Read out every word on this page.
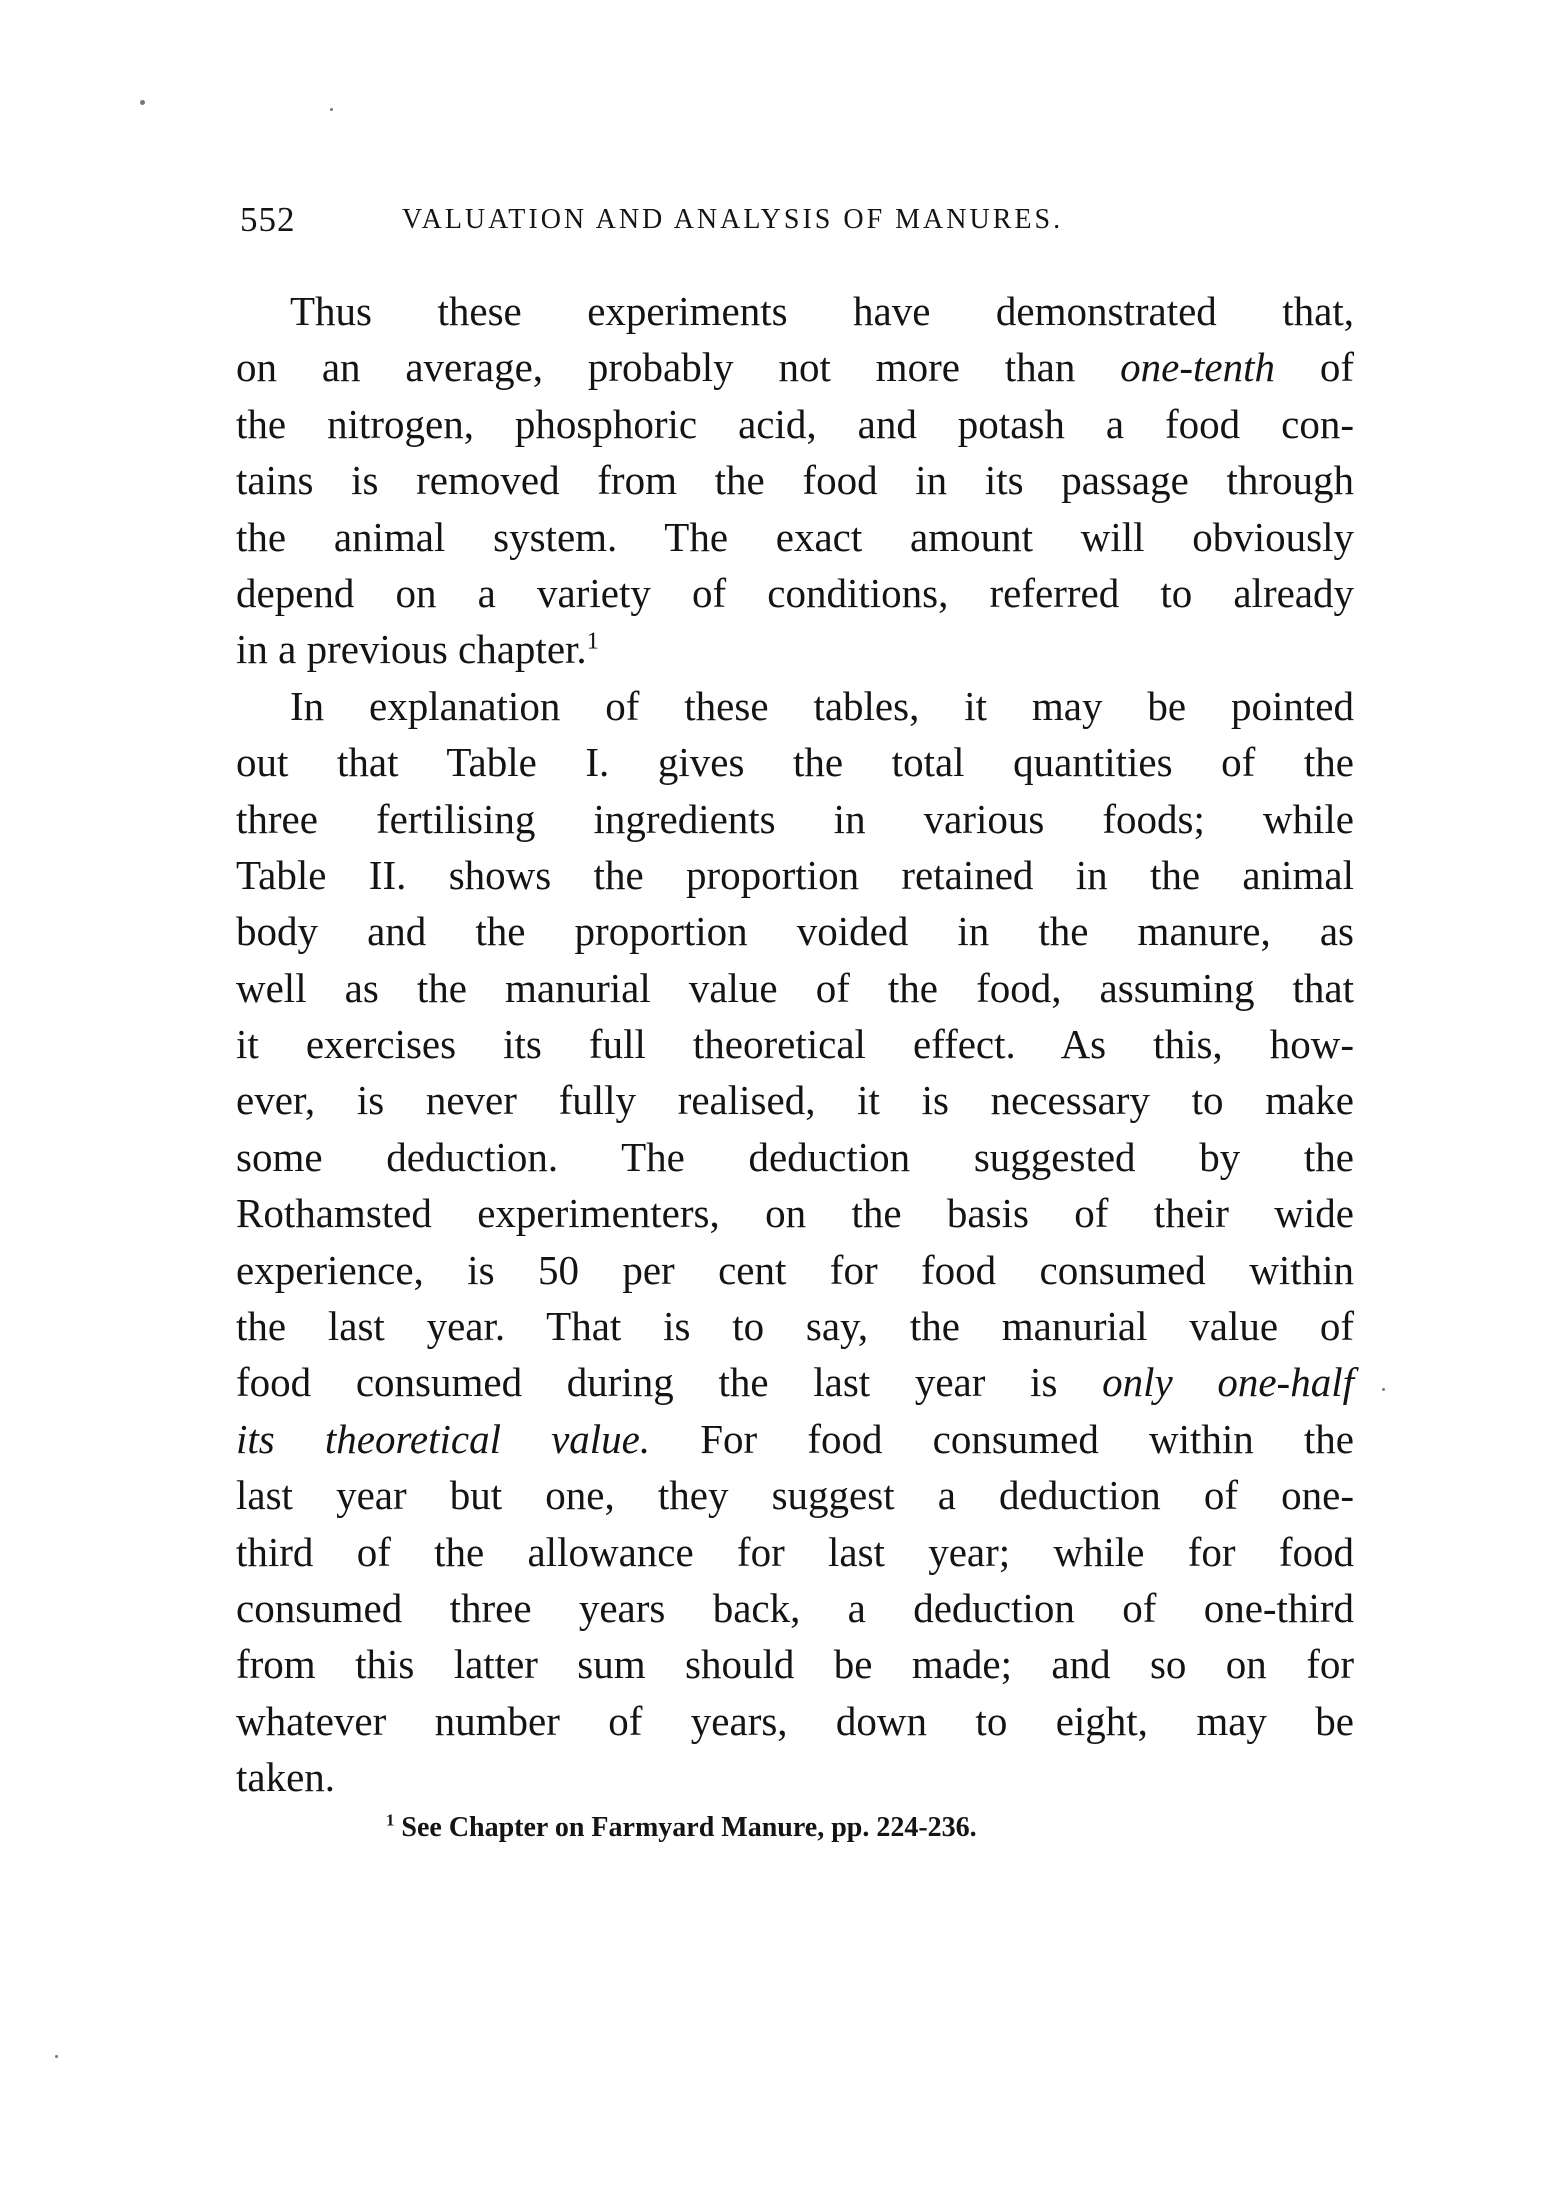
552	VALUATION AND ANALYSIS OF MANURES.
Thus these experiments have demonstrated that,
on an average, probably not more than one-tenth of
the nitrogen, phosphoric acid, and potash a food con-
tains is removed from the food in its passage through
the animal system. The exact amount will obviously
depend on a variety of conditions, referred to already
in a previous chapter.$^1$
In explanation of these tables, it may be pointed
out that Table I. gives the total quantities of the
three fertilising ingredients in various foods; while
Table II. shows the proportion retained in the animal
body and the proportion voided in the manure, as
well as the manurial value of the food, assuming that
it exercises its full theoretical effect. As this, how-
ever, is never fully realised, it is necessary to make
some deduction. The deduction suggested by the
Rothamsted experimenters, on the basis of their wide
experience, is 50 per cent for food consumed within
the last year. That is to say, the manurial value of
food consumed during the last year is only one-half
its theoretical value. For food consumed within the
last year but one, they suggest a deduction of one-
third of the allowance for last year; while for food
consumed three years back, a deduction of one-third
from this latter sum should be made; and so on for
whatever number of years, down to eight, may be
taken.
$^1$ See Chapter on Farmyard Manure, pp. 224-236.
